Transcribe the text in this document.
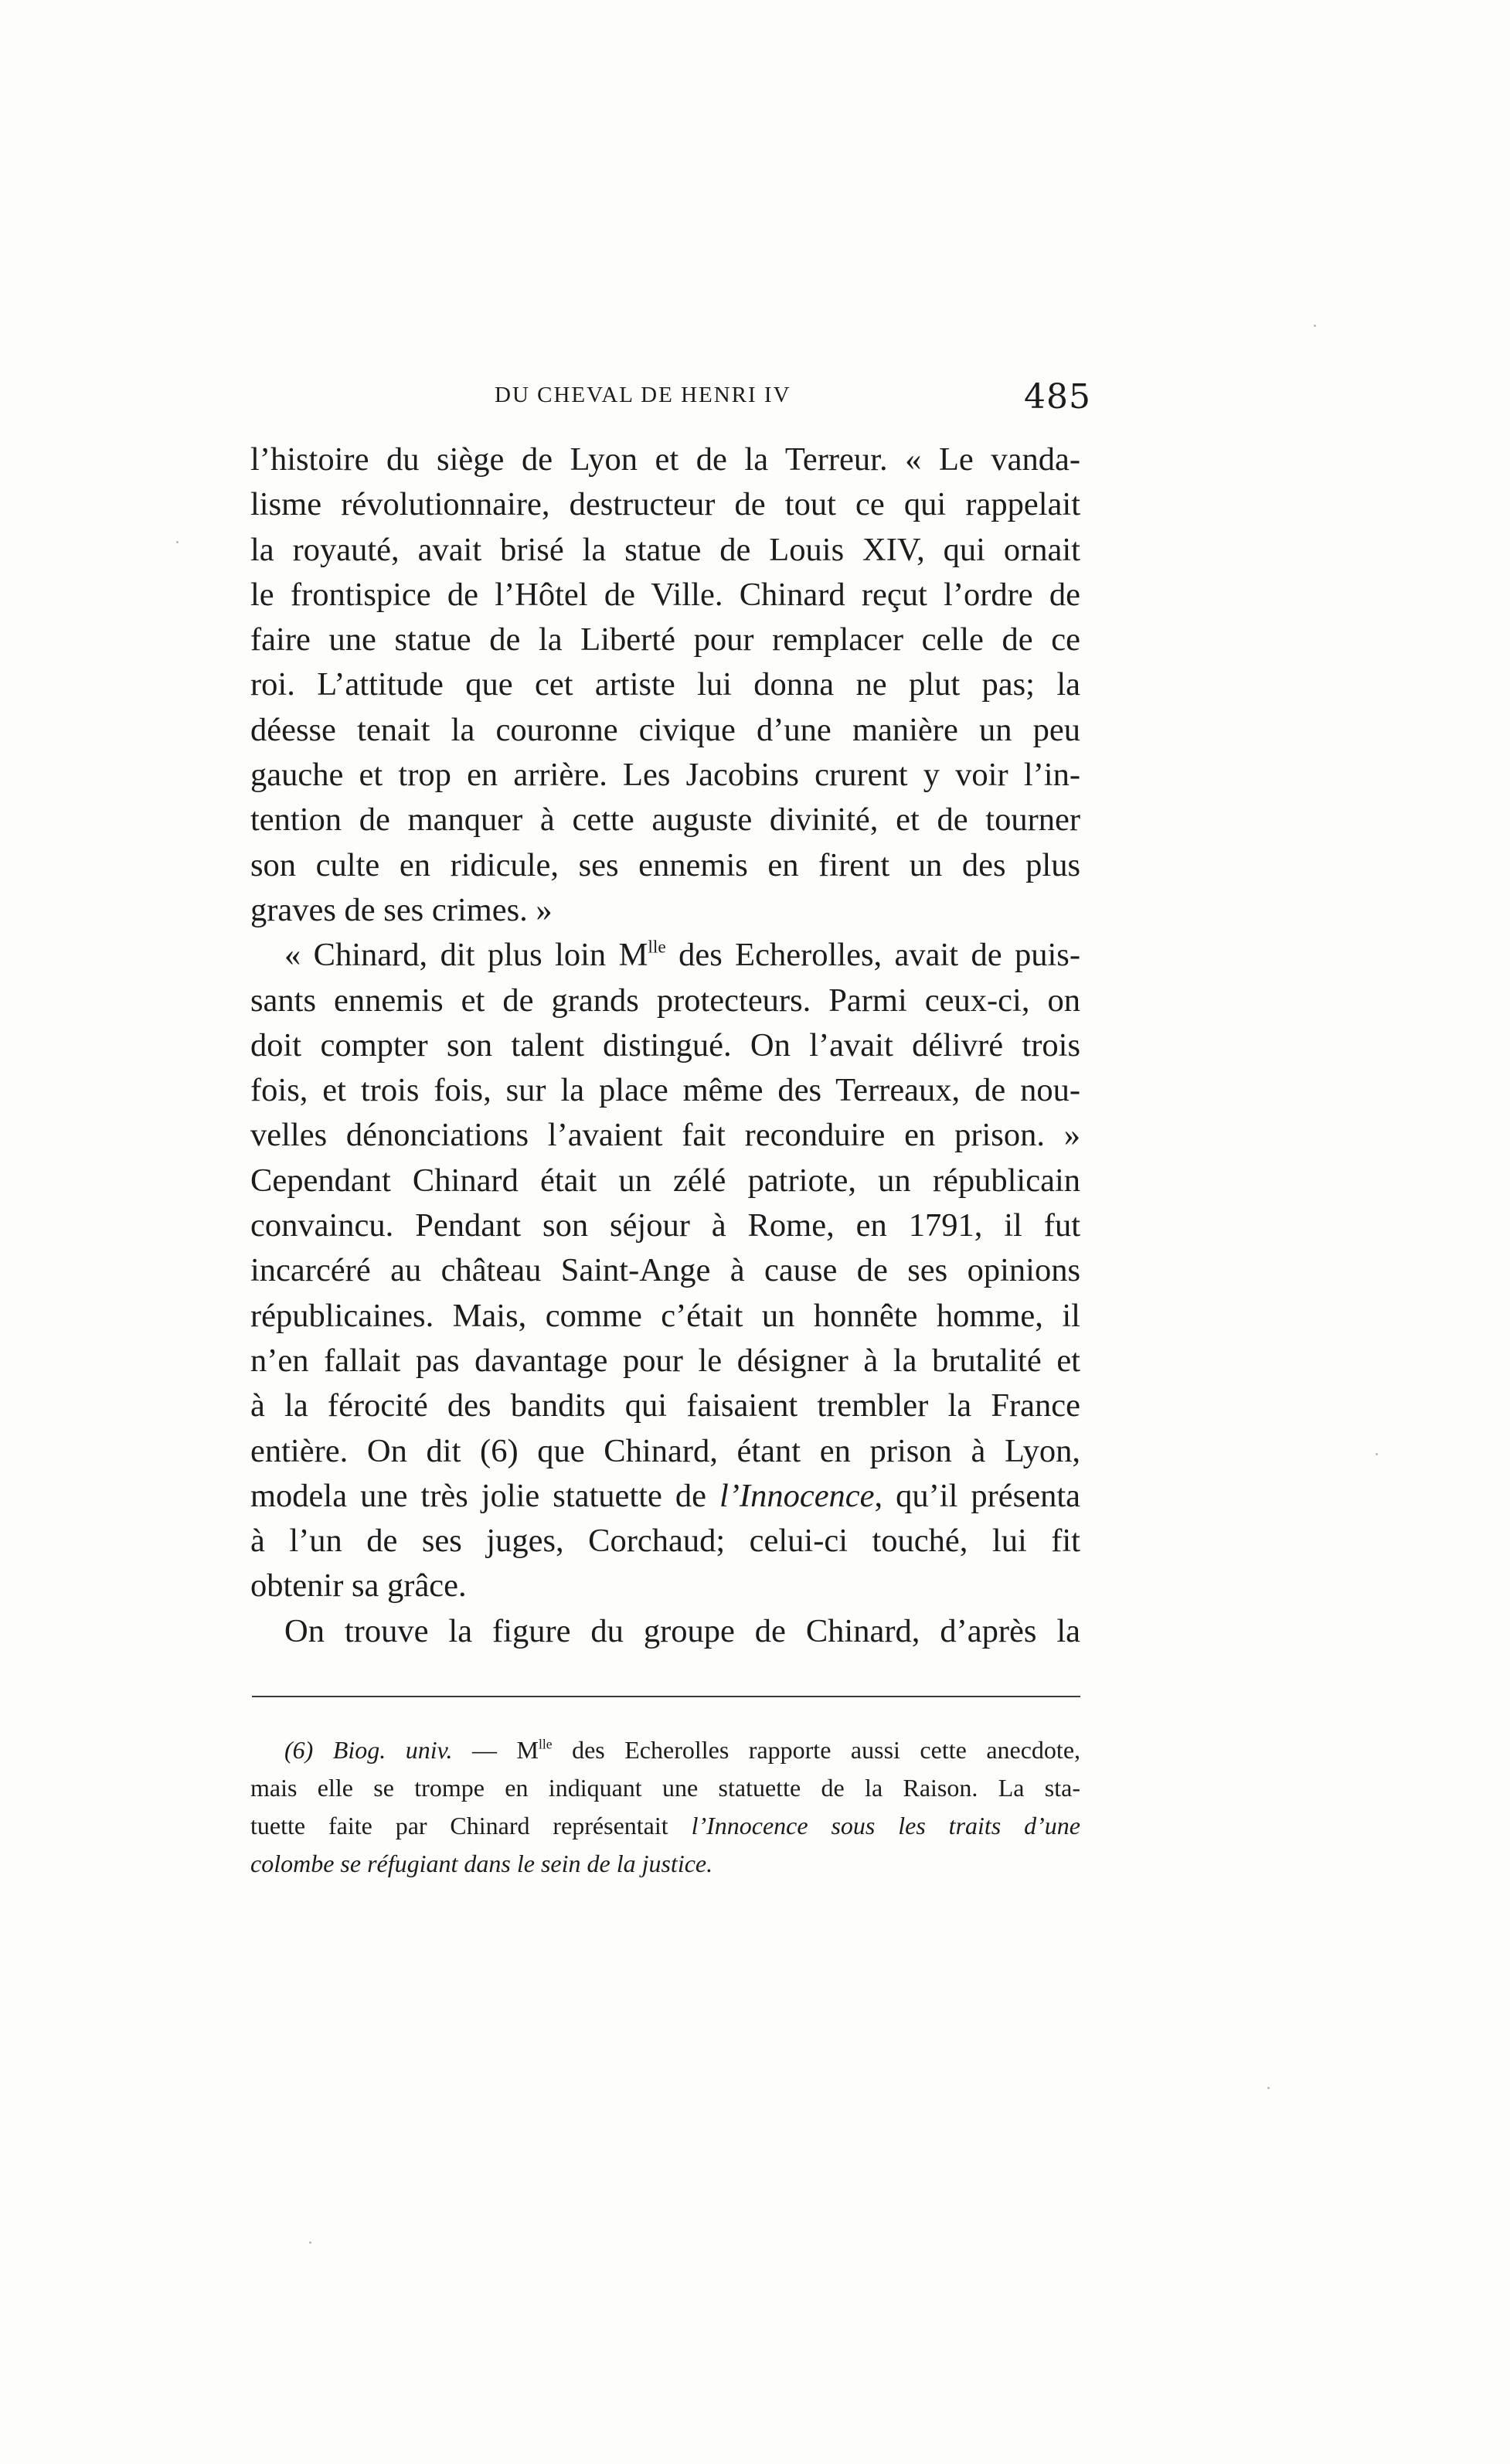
DU CHEVAL DE HENRI IV	485
l’histoire du siège de Lyon et de la Terreur. « Le vanda-
lisme révolutionnaire, destructeur de tout ce qui rappelait
la royauté, avait brisé la statue de Louis XIV, qui ornait
le frontispice de l’Hôtel de Ville. Chinard reçut l’ordre de
faire une statue de la Liberté pour remplacer celle de ce
roi. L’attitude que cet artiste lui donna ne plut pas; la
déesse tenait la couronne civique d’une manière un peu
gauche et trop en arrière. Les Jacobins crurent y voir l’in-
tention de manquer à cette auguste divinité, et de tourner
son culte en ridicule, ses ennemis en firent un des plus
graves de ses crimes. »
« Chinard, dit plus loin $M^{lle}$ des Echerolles, avait de puis-
sants ennemis et de grands protecteurs. Parmi ceux-ci, on
doit compter son talent distingué. On l’avait délivré trois
fois, et trois fois, sur la place même des Terreaux, de nou-
velles dénonciations l’avaient fait reconduire en prison. »
Cependant Chinard était un zélé patriote, un républicain
convaincu. Pendant son séjour à Rome, en 1791, il fut
incarcéré au château Saint-Ange à cause de ses opinions
républicaines. Mais, comme c’était un honnête homme, il
n’en fallait pas davantage pour le désigner à la brutalité et
à la férocité des bandits qui faisaient trembler la France
entière. On dit (6) que Chinard, étant en prison à Lyon,
modela une très jolie statuette de l’Innocence, qu’il présenta
à l’un de ses juges, Corchaud; celui-ci touché, lui fit
obtenir sa grâce.
On trouve la figure du groupe de Chinard, d’après la
(6) Biog. univ. — $M^{lle}$ des Echerolles rapporte aussi cette anecdote,
mais elle se trompe en indiquant une statuette de la Raison. La sta-
tuette faite par Chinard représentait l’Innocence sous les traits d’une
colombe se réfugiant dans le sein de la justice.
